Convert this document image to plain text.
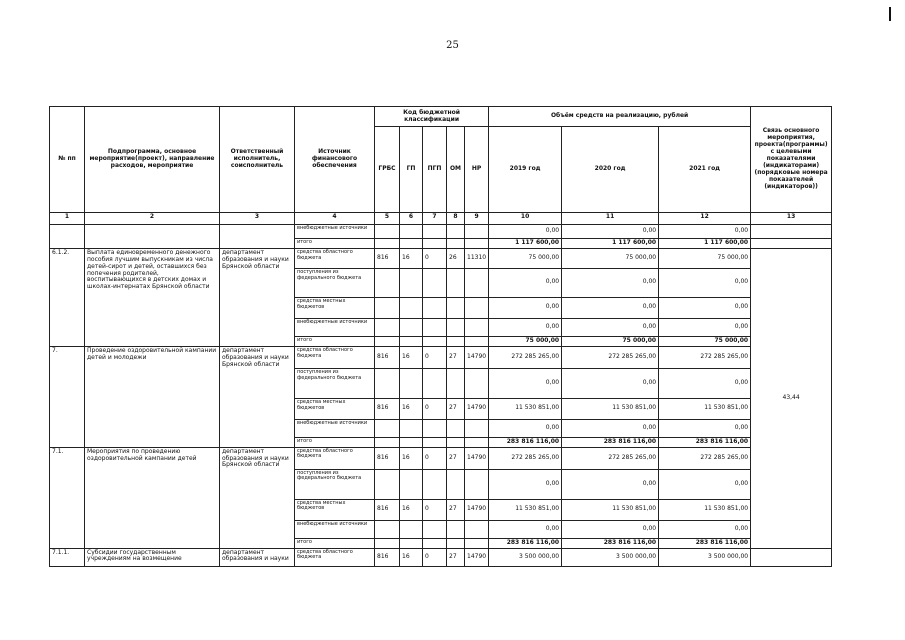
25
№ пп	Подпрограмма, основное мероприятие(проект), направление расходов, мероприятие	Ответственный исполнитель, соисполнитель	Источник финансового обеспечения	Код бюджетной классификации					Объём средств на реализацию, рублей			Связь основного мероприятия, проекта(программы) с целевыми показателями (индикаторами) (порядковые номера показателей (индикаторов))
				ГРБС	ГП	ПГП	ОМ	НР	2019 год	2020 год	2021 год	
1	2	3	4	5	6	7	8	9	10	11	12	13
			внебюджетные источники						0,00	0,00	0,00	
			итого						1 117 600,00	1 117 600,00	1 117 600,00	
6.1.2.	Выплата единовременного денежного пособия лучшим выпускникам из числа детей-сирот и детей, оставшихся без попечения родителей, воспитывающихся в детских домах и школах-интернатах Брянской области	департамент образования и науки Брянской области	средства областного бюджета	816	16	0	26	11310	75 000,00	75 000,00	75 000,00	43,44
			поступления из федерального бюджета						0,00	0,00	0,00	
			средства местных бюджетов						0,00	0,00	0,00	
			внебюджетные источники						0,00	0,00	0,00	
			итого						75 000,00	75 000,00	75 000,00	
7.	Проведение оздоровительной кампании детей и молодежи	департамент образования и науки Брянской области	средства областного бюджета	816	16	0	27	14790	272 285 265,00	272 285 265,00	272 285 265,00	
			поступления из федерального бюджета						0,00	0,00	0,00	
			средства местных бюджетов	816	16	0	27	14790	11 530 851,00	11 530 851,00	11 530 851,00	
			внебюджетные источники						0,00	0,00	0,00	
			итого						283 816 116,00	283 816 116,00	283 816 116,00	
7.1.	Мероприятия по проведению оздоровительной кампании детей	департамент образования и науки Брянской области	средства областного бюджета	816	16	0	27	14790	272 285 265,00	272 285 265,00	272 285 265,00	
			поступления из федерального бюджета						0,00	0,00	0,00	
			средства местных бюджетов	816	16	0	27	14790	11 530 851,00	11 530 851,00	11 530 851,00	
			внебюджетные источники						0,00	0,00	0,00	
			итого						283 816 116,00	283 816 116,00	283 816 116,00	
7.1.1.	Субсидии государственным учреждениям на возмещение	департамент образования и науки	средства областного бюджета	816	16	0	27	14790	3 500 000,00	3 500 000,00	3 500 000,00	
